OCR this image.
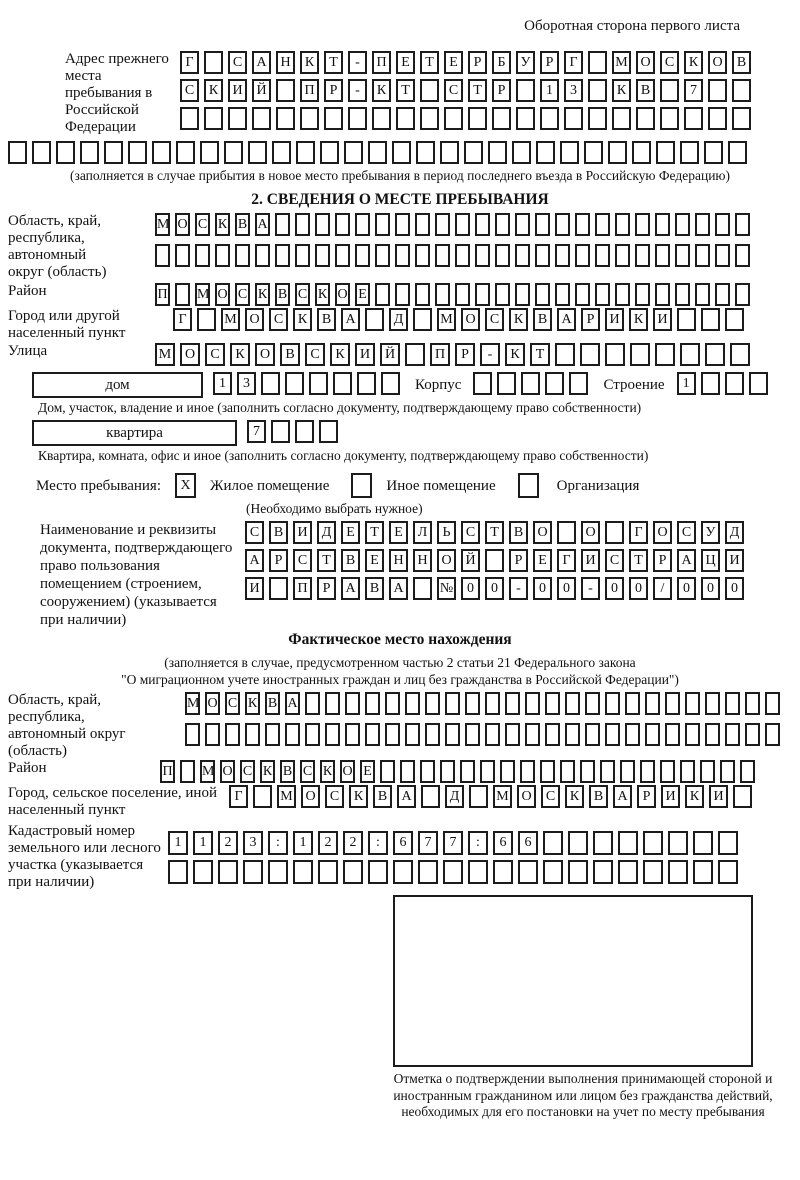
Оборотная сторона первого листа
Адрес прежнего места пребывания в Российской Федерации
Г	С А Н К Т - П Е Т Е Р Б У Р Г	М О С К О В
С К И Й	П Р - К Т	С Т Р	1 3	К В	7
(заполняется в случае прибытия в новое место пребывания в период последнего въезда в Российскую Федерацию)
2. СВЕДЕНИЯ О МЕСТЕ ПРЕБЫВАНИЯ
Область, край, республика, автономный округ (область)
М О С К В А
Район	П М О С К В С К О Е
Город или другой населенный пункт
Г	М О С К В А	Д	М О С К В А Р И К И
Улица	М О С К О В С К И Й	П Р - К Т
дом	1 3	Корпус	Строение 1
Дом, участок, владение и иное (заполнить согласно документу, подтверждающему право собственности)
квартира	7
Квартира, комната, офис и иное (заполнить согласно документу, подтверждающему право собственности)
Место пребывания: X Жилое помещение	Иное помещение	Организация
(Необходимо выбрать нужное)
Наименование и реквизиты документа, подтверждающего право пользования помещением (строением, сооружением) (указывается при наличии)
С В И Д Е Т Е Л Ь С Т В О	О	Г О С У Д
А Р С Т В Е Н Н О Й	Р Е Г И С Т Р А Ц И
И	П Р А В А	№ 0 0 - 0 0 - 0 0 / 0 0 0
Фактическое место нахождения
(заполняется в случае, предусмотренном частью 2 статьи 21 Федерального закона
"О миграционном учете иностранных граждан и лиц без гражданства в Российской Федерации")
Область, край, республика, автономный округ (область)
М О С К В А
Район	П М О С К В С К О Е
Город, сельское поселение, иной населенный пункт
Г	М О С К В А	Д	М О С К В А Р И К И
Кадастровый номер земельного или лесного участка (указывается при наличии)
1 1 2 3 : 1 2 2 : 6 7 7 : 6 6
Отметка о подтверждении выполнения принимающей стороной и иностранным гражданином или лицом без гражданства действий, необходимых для его постановки на учет по месту пребывания
